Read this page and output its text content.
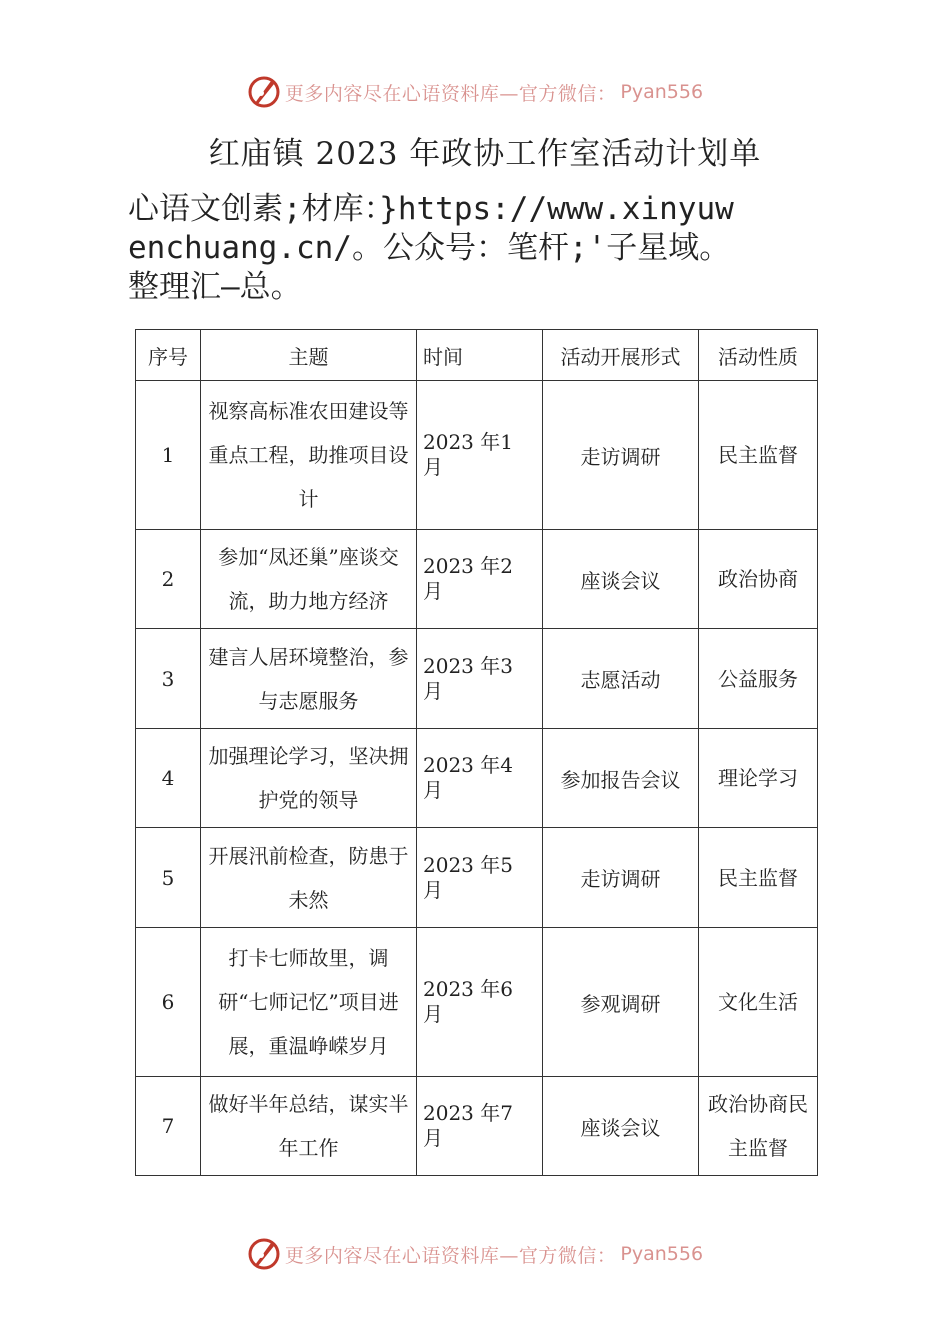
更多内容尽在心语资料库—官方微信： Pyan556
红庙镇 2023 年政协工作室活动计划单
心语文创素;材库：}https://www.xinyuwenchuang.cn/。公众号：笔杆;'子星域。整理汇—总。
序号	主题	时间	活动开展形式	活动性质
1	视察高标准农田建设等重点工程，助推项目设计	2023 年1 月	走访调研	民主监督
2	参加“凤还巢”座谈交流，助力地方经济	2023 年2 月	座谈会议	政治协商
3	建言人居环境整治，参与志愿服务	2023 年3 月	志愿活动	公益服务
4	加强理论学习，坚决拥护党的领导	2023 年4 月	参加报告会议	理论学习
5	开展汛前检查，防患于未然	2023 年5 月	走访调研	民主监督
6	打卡七师故里，调研“七师记忆”项目进展，重温峥嵘岁月	2023 年6 月	参观调研	文化生活
7	做好半年总结，谋实半年工作	2023 年7 月	座谈会议	政治协商民主监督
更多内容尽在心语资料库—官方微信： Pyan556
